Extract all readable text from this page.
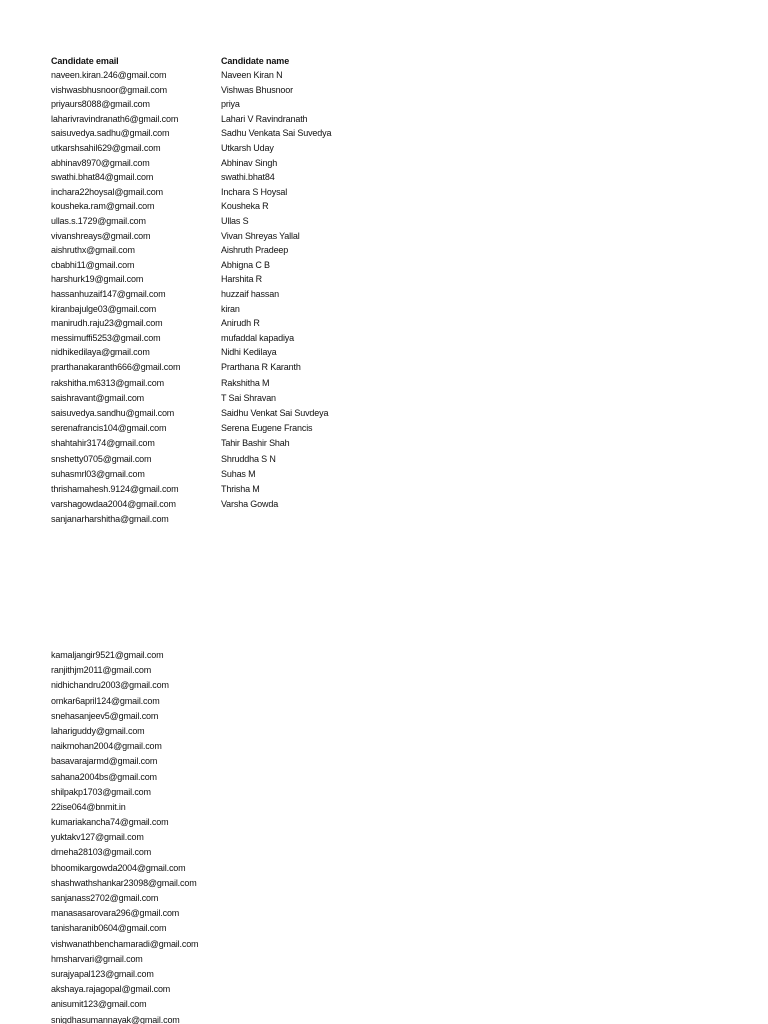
Candidate email
naveen.kiran.246@gmail.com
vishwasbhusnoor@gmail.com
priyaurs8088@gmail.com
laharivravindranath6@gmail.com
saisuvedya.sadhu@gmail.com
utkarshsahil629@gmail.com
abhinav8970@gmail.com
swathi.bhat84@gmail.com
inchara22hoysal@gmail.com
kousheka.ram@gmail.com
ullas.s.1729@gmail.com
vivanshreays@gmail.com
aishruthx@gmail.com
cbabhi11@gmail.com
harshurk19@gmail.com
hassanhuzaif147@gmail.com
kiranbajulge03@gmail.com
manirudh.raju23@gmail.com
messimuffi5253@gmail.com
nidhikedilaya@gmail.com
prarthanakaranth666@gmail.com
rakshitha.m6313@gmail.com
saishravant@gmail.com
saisuvedya.sandhu@gmail.com
serenafrancis104@gmail.com
shahtahir3174@gmail.com
snshetty0705@gmail.com
suhasmrl03@gmail.com
thrishamahesh.9124@gmail.com
varshagowdaa2004@gmail.com
sanjanarharshitha@gmail.com
Candidate name
Naveen Kiran N
Vishwas Bhusnoor
priya
Lahari V Ravindranath
Sadhu Venkata Sai Suvedya
Utkarsh Uday
Abhinav Singh
swathi.bhat84
Inchara S Hoysal
Kousheka R
Ullas S
Vivan Shreyas Yallal
Aishruth Pradeep
Abhigna C B
Harshita R
huzzaif hassan
kiran
Anirudh R
mufaddal kapadiya
Nidhi Kedilaya
Prarthana R Karanth
Rakshitha M
T Sai Shravan
Saidhu Venkat Sai Suvdeya
Serena Eugene Francis
Tahir Bashir Shah
Shruddha S N
Suhas M
Thrisha M
Varsha Gowda
kamaljangir9521@gmail.com
ranjithjm2011@gmail.com
nidhichandru2003@gmail.com
omkar6april124@gmail.com
snehasanjeev5@gmail.com
lahariguddy@gmail.com
naikmohan2004@gmail.com
basavarajarmd@gmail.com
sahana2004bs@gmail.com
shilpakp1703@gmail.com
22ise064@bnmit.in
kumariakancha74@gmail.com
yuktakv127@gmail.com
drneha28103@gmail.com
bhoomikargowda2004@gmail.com
shashwathshankar23098@gmail.com
sanjanass2702@gmail.com
manasasarovara296@gmail.com
tanisharanib0604@gmail.com
vishwanathbenchamaradi@gmail.com
hmsharvari@gmail.com
surajyapal123@gmail.com
akshaya.rajagopal@gmail.com
anisumit123@gmail.com
snigdhasumannayak@gmail.com
